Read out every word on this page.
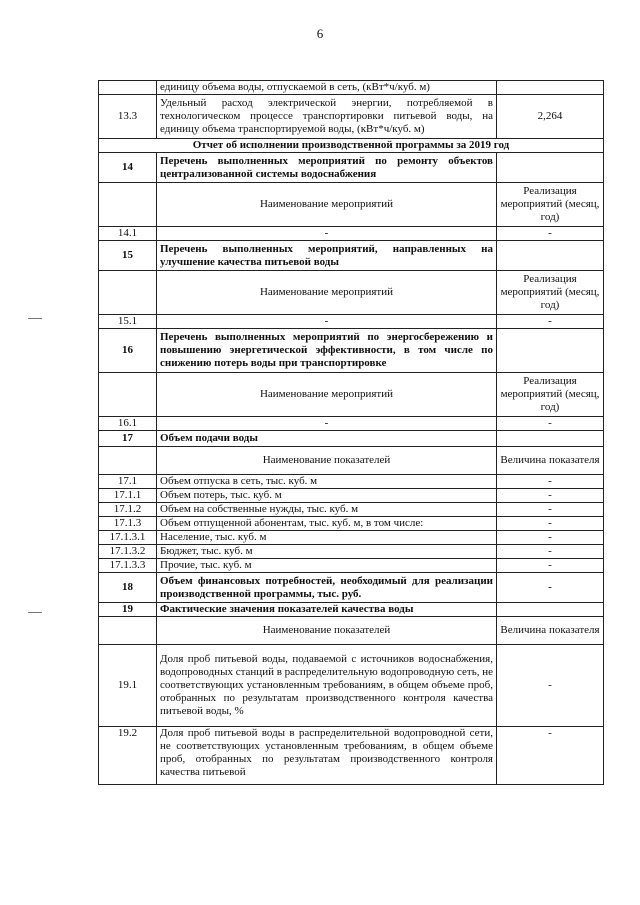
6
	единицу объема воды, отпускаемой в сеть, (кВт*ч/куб. м)	
13.3	Удельный расход электрической энергии, потребляемой в технологическом процессе транспортировки питьевой воды, на единицу объема транспортируемой воды, (кВт*ч/куб. м)	2,264
Отчет об исполнении производственной программы за 2019 год		
14	Перечень выполненных мероприятий по ремонту объектов централизованной системы водоснабжения	
	Наименование мероприятий	Реализация мероприятий (месяц, год)
14.1	-	-
15	Перечень выполненных мероприятий, направленных на улучшение качества питьевой воды	
	Наименование мероприятий	Реализация мероприятий (месяц, год)
15.1	-	-
16	Перечень выполненных мероприятий по энергосбережению и повышению энергетической эффективности, в том числе по снижению потерь воды при транспортировке	
	Наименование мероприятий	Реализация мероприятий (месяц, год)
16.1	-	-
17	Объем подачи воды	
	Наименование показателей	Величина показателя
17.1	Объем отпуска в сеть, тыс. куб. м	-
17.1.1	Объем потерь, тыс. куб. м	-
17.1.2	Объем на собственные нужды, тыс. куб. м	-
17.1.3	Объем отпущенной абонентам, тыс. куб. м, в том числе:	-
17.1.3.1	Население, тыс. куб. м	-
17.1.3.2	Бюджет, тыс. куб. м	-
17.1.3.3	Прочие, тыс. куб. м	-
18	Объем финансовых потребностей, необходимый для реализации производственной программы, тыс. руб.	-
19	Фактические значения показателей качества воды	
	Наименование показателей	Величина показателя
19.1	Доля проб питьевой воды, подаваемой с источников водоснабжения, водопроводных станций в распределительную водопроводную сеть, не соответствующих установленным требованиям, в общем объеме проб, отобранных по результатам производственного контроля качества питьевой воды, %	-
19.2	Доля проб питьевой воды в распределительной водопроводной сети, не соответствующих установленным требованиям, в общем объеме проб, отобранных по результатам производственного контроля качества питьевой	-
